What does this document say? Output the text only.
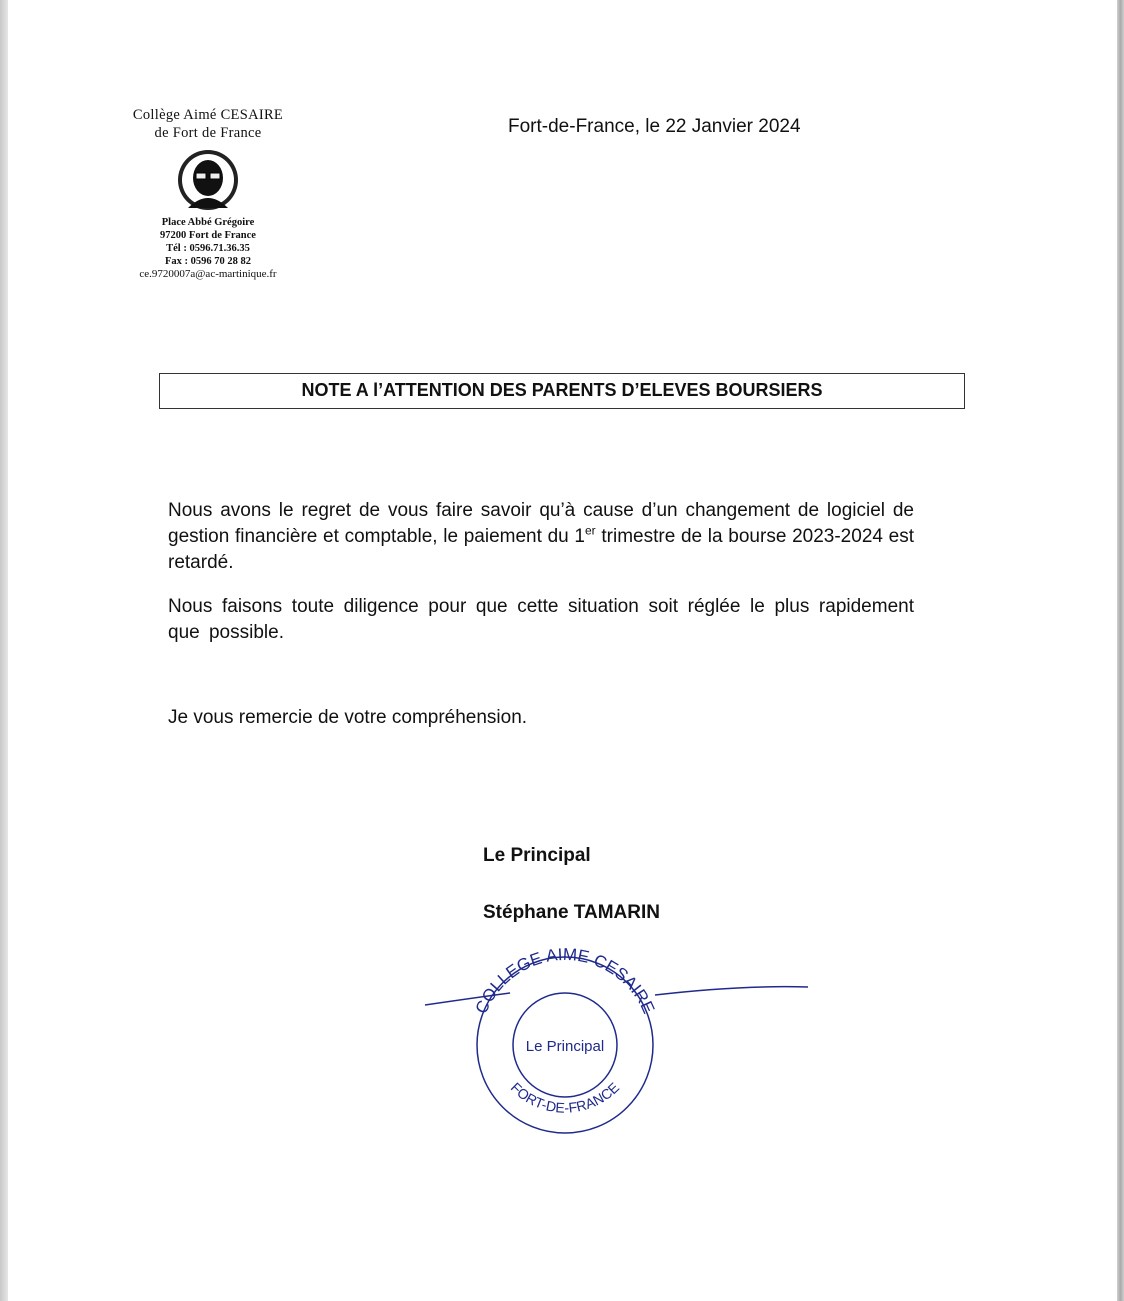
Collège Aimé CESAIRE
de Fort de France
Place Abbé Grégoire
97200 Fort de France
Tél : 0596.71.36.35
Fax : 0596 70 28 82
ce.9720007a@ac-martinique.fr
Fort-de-France, le 22 Janvier 2024
NOTE A l’ATTENTION DES PARENTS D’ELEVES BOURSIERS
Nous avons le regret de vous faire savoir qu’à cause d’un changement de logiciel de gestion financière et comptable, le paiement du 1er trimestre de la bourse 2023-2024 est retardé.
Nous faisons toute diligence pour que cette situation soit réglée le plus rapidement que possible.
Je vous remercie de votre compréhension.
Le Principal
Stéphane TAMARIN
COLLEGE AIME CESAIRE
FORT-DE-FRANCE
Le Principal
